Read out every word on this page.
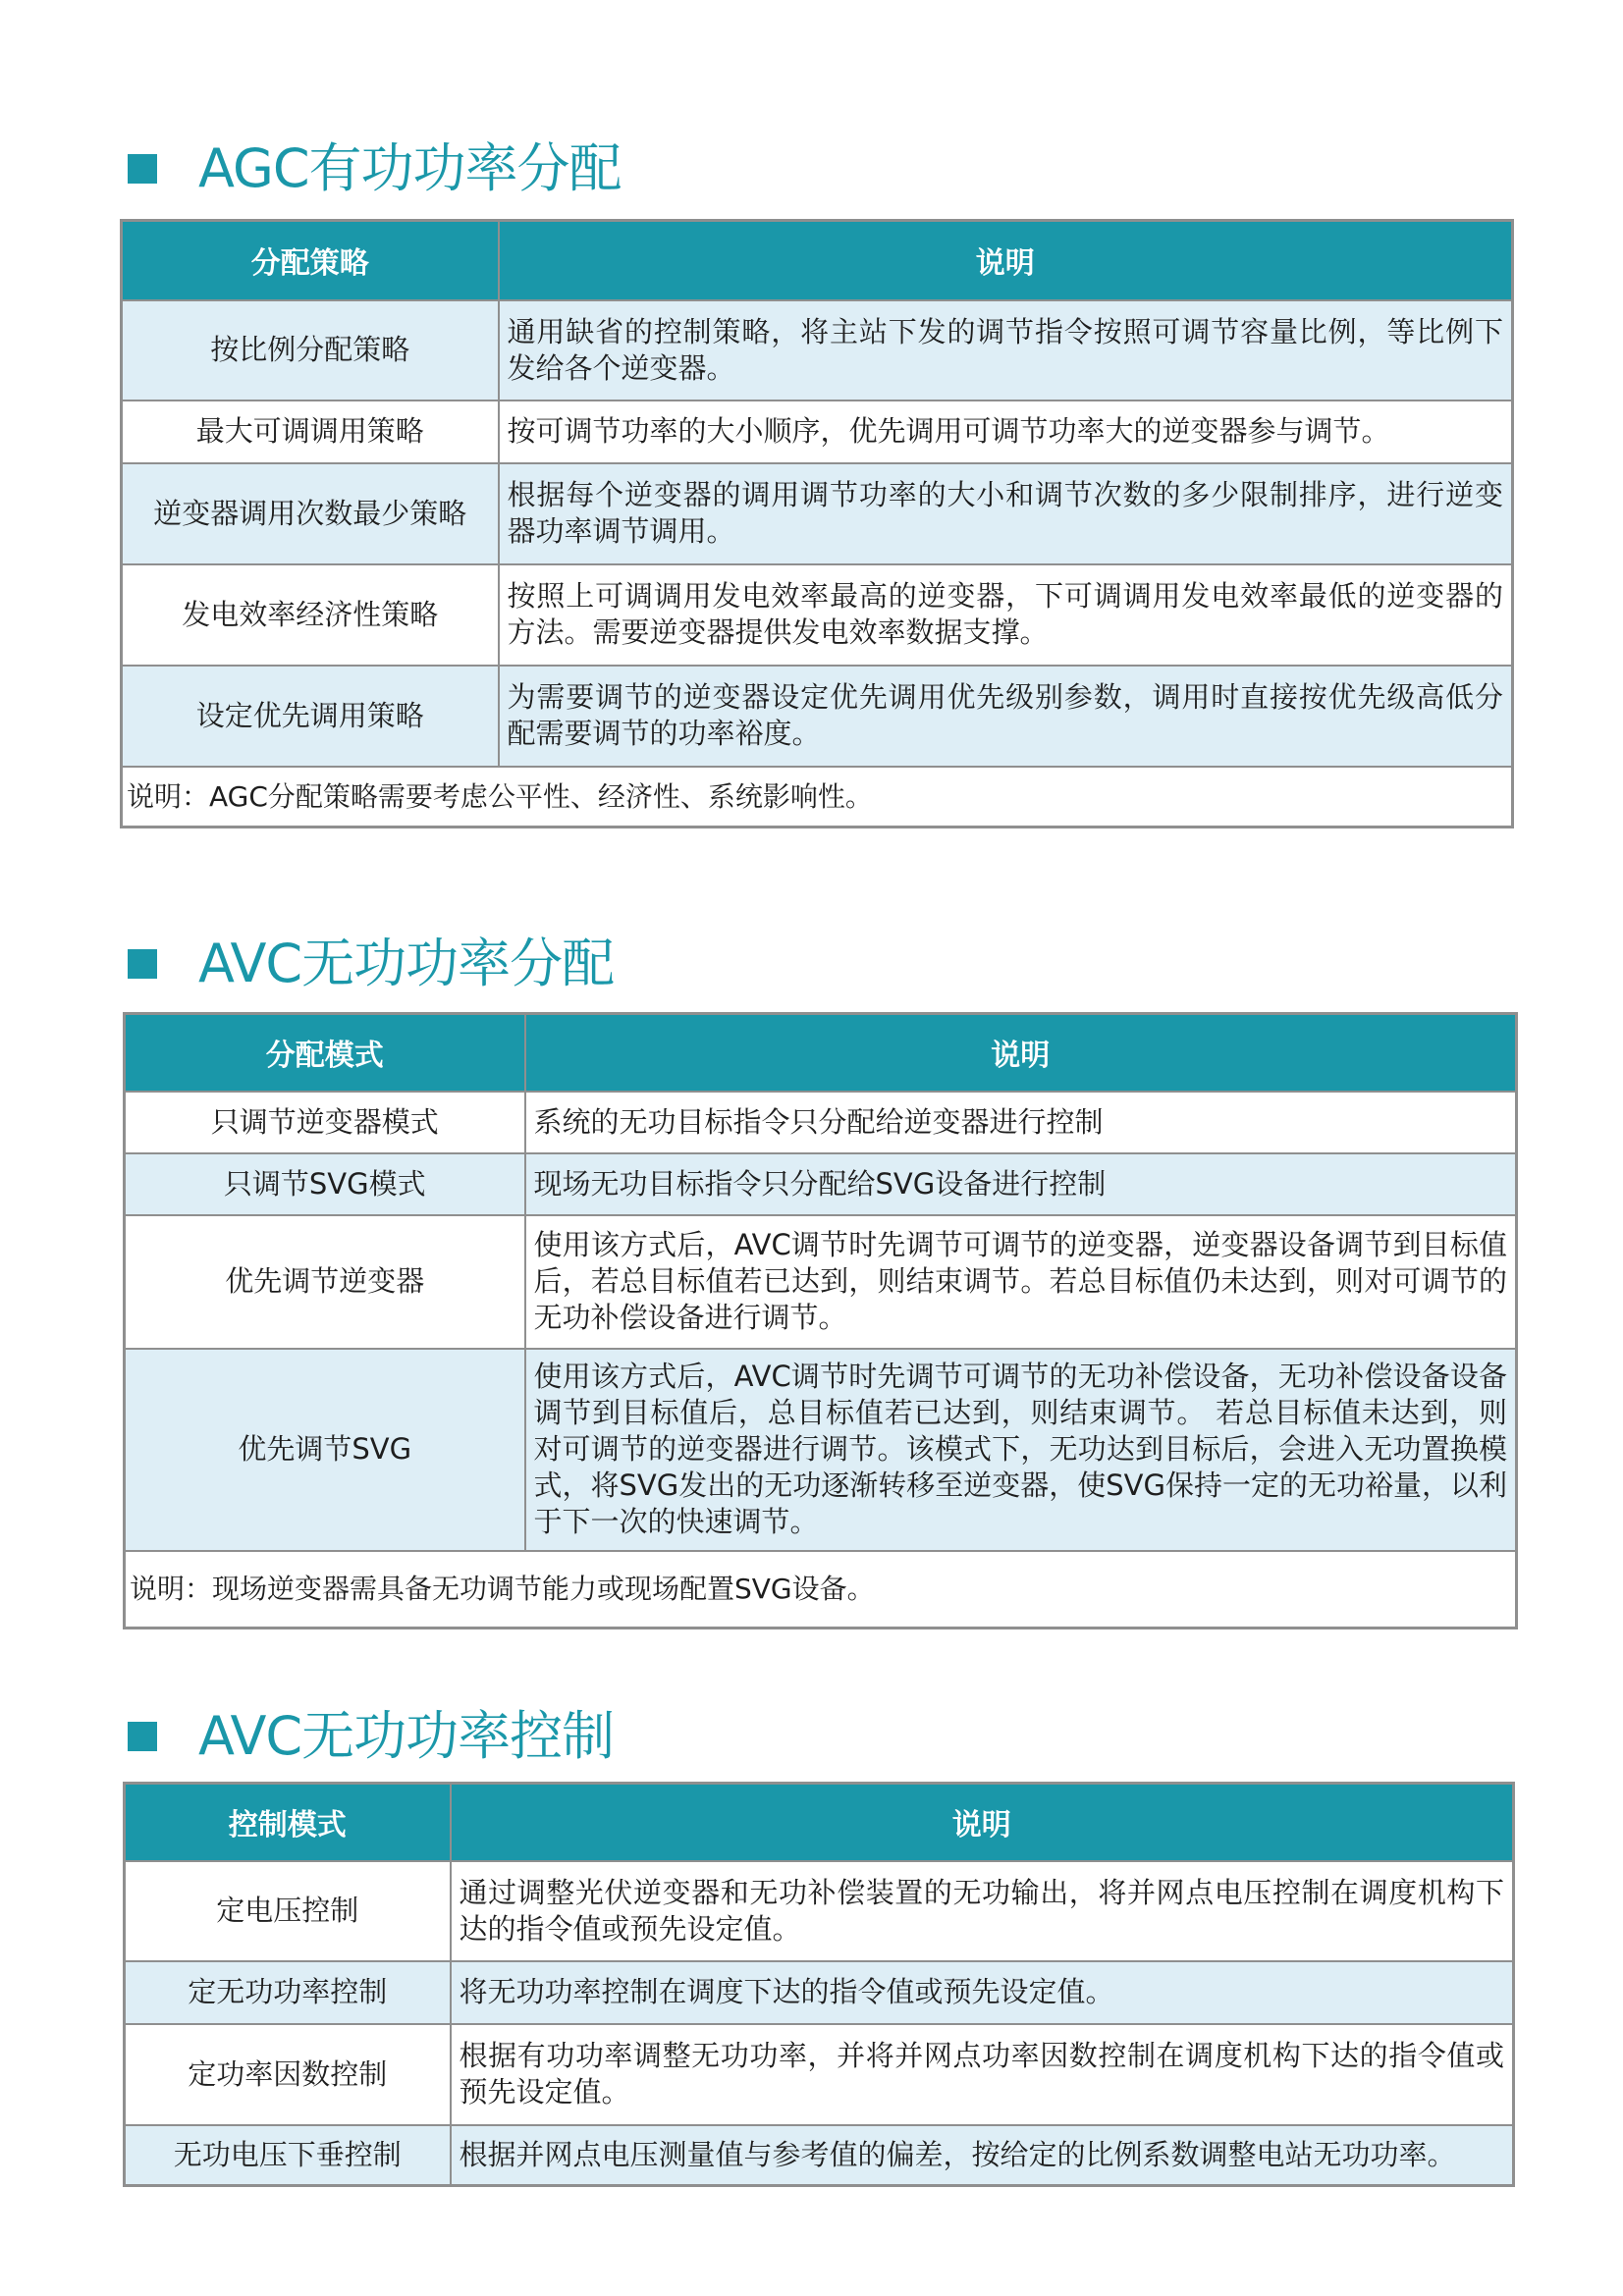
AGC有功功率分配
分配策略	说明
按比例分配策略	通用缺省的控制策略，将主站下发的调节指令按照可调节容量比例，等比例下发给各个逆变器。
最大可调调用策略	按可调节功率的大小顺序，优先调用可调节功率大的逆变器参与调节。
逆变器调用次数最少策略	根据每个逆变器的调用调节功率的大小和调节次数的多少限制排序，进行逆变器功率调节调用。
发电效率经济性策略	按照上可调调用发电效率最高的逆变器，下可调调用发电效率最低的逆变器的方法。需要逆变器提供发电效率数据支撑。
设定优先调用策略	为需要调节的逆变器设定优先调用优先级别参数，调用时直接按优先级高低分配需要调节的功率裕度。
说明：AGC分配策略需要考虑公平性、经济性、系统影响性。	
AVC无功功率分配
分配模式	说明
只调节逆变器模式	系统的无功目标指令只分配给逆变器进行控制
只调节SVG模式	现场无功目标指令只分配给SVG设备进行控制
优先调节逆变器	使用该方式后，AVC调节时先调节可调节的逆变器，逆变器设备调节到目标值后，若总目标值若已达到，则结束调节。若总目标值仍未达到，则对可调节的无功补偿设备进行调节。
优先调节SVG	使用该方式后，AVC调节时先调节可调节的无功补偿设备，无功补偿设备设备调节到目标值后，总目标值若已达到，则结束调节。 若总目标值未达到，则对可调节的逆变器进行调节。该模式下，无功达到目标后，会进入无功置换模式，将SVG发出的无功逐渐转移至逆变器，使SVG保持一定的无功裕量，以利于下一次的快速调节。
说明：现场逆变器需具备无功调节能力或现场配置SVG设备。	
AVC无功功率控制
控制模式	说明
定电压控制	通过调整光伏逆变器和无功补偿装置的无功输出，将并网点电压控制在调度机构下达的指令值或预先设定值。
定无功功率控制	将无功功率控制在调度下达的指令值或预先设定值。
定功率因数控制	根据有功功率调整无功功率，并将并网点功率因数控制在调度机构下达的指令值或预先设定值。
无功电压下垂控制	根据并网点电压测量值与参考值的偏差，按给定的比例系数调整电站无功功率。
